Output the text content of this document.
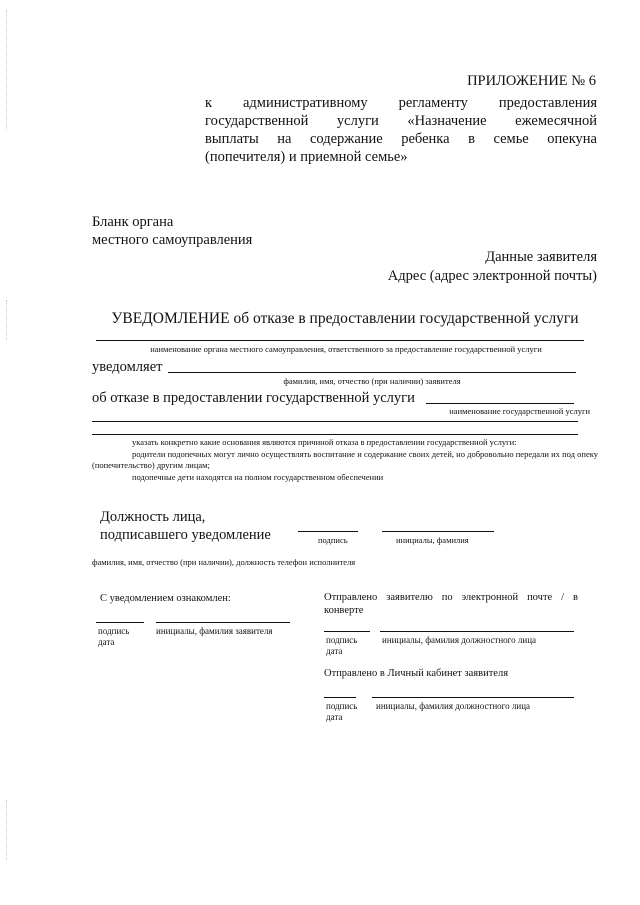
ПРИЛОЖЕНИЕ № 6
к административному регламенту предоставления
государственной услуги «Назначение ежемесячной
выплаты на содержание ребенка в семье опекуна
(попечителя) и приемной семье»
Бланк органа
местного самоуправления
Данные заявителя
Адрес (адрес электронной почты)
УВЕДОМЛЕНИЕ об отказе в предоставлении государственной услуги
наименование органа местного самоуправления, ответственного за предоставление государственной услуги
уведомляет
фамилия, имя, отчество (при наличии) заявителя
об отказе в предоставлении государственной услуги
наименование государственной услуги
указать конкретно какие основания являются причиной отказа в предоставлении государственной услуги:
родители подопечных могут лично осуществлять воспитание и содержание своих детей, но добровольно передали их под опеку (попечительство) другим лицам;
подопечные дети находятся на полном государственном обеспечении
Должность лица,
подписавшего уведомление	подпись	инициалы, фамилия
фамилия, имя, отчество (при наличии), должность телефон исполнителя
С уведомлением ознакомлен:
подпись	инициалы, фамилия заявителя
дата
Отправлено заявителю по электронной почте / в
конверте
подпись	инициалы, фамилия должностного лица
дата
Отправлено в Личный кабинет заявителя
подпись инициалы, фамилия должностного лица
дата
